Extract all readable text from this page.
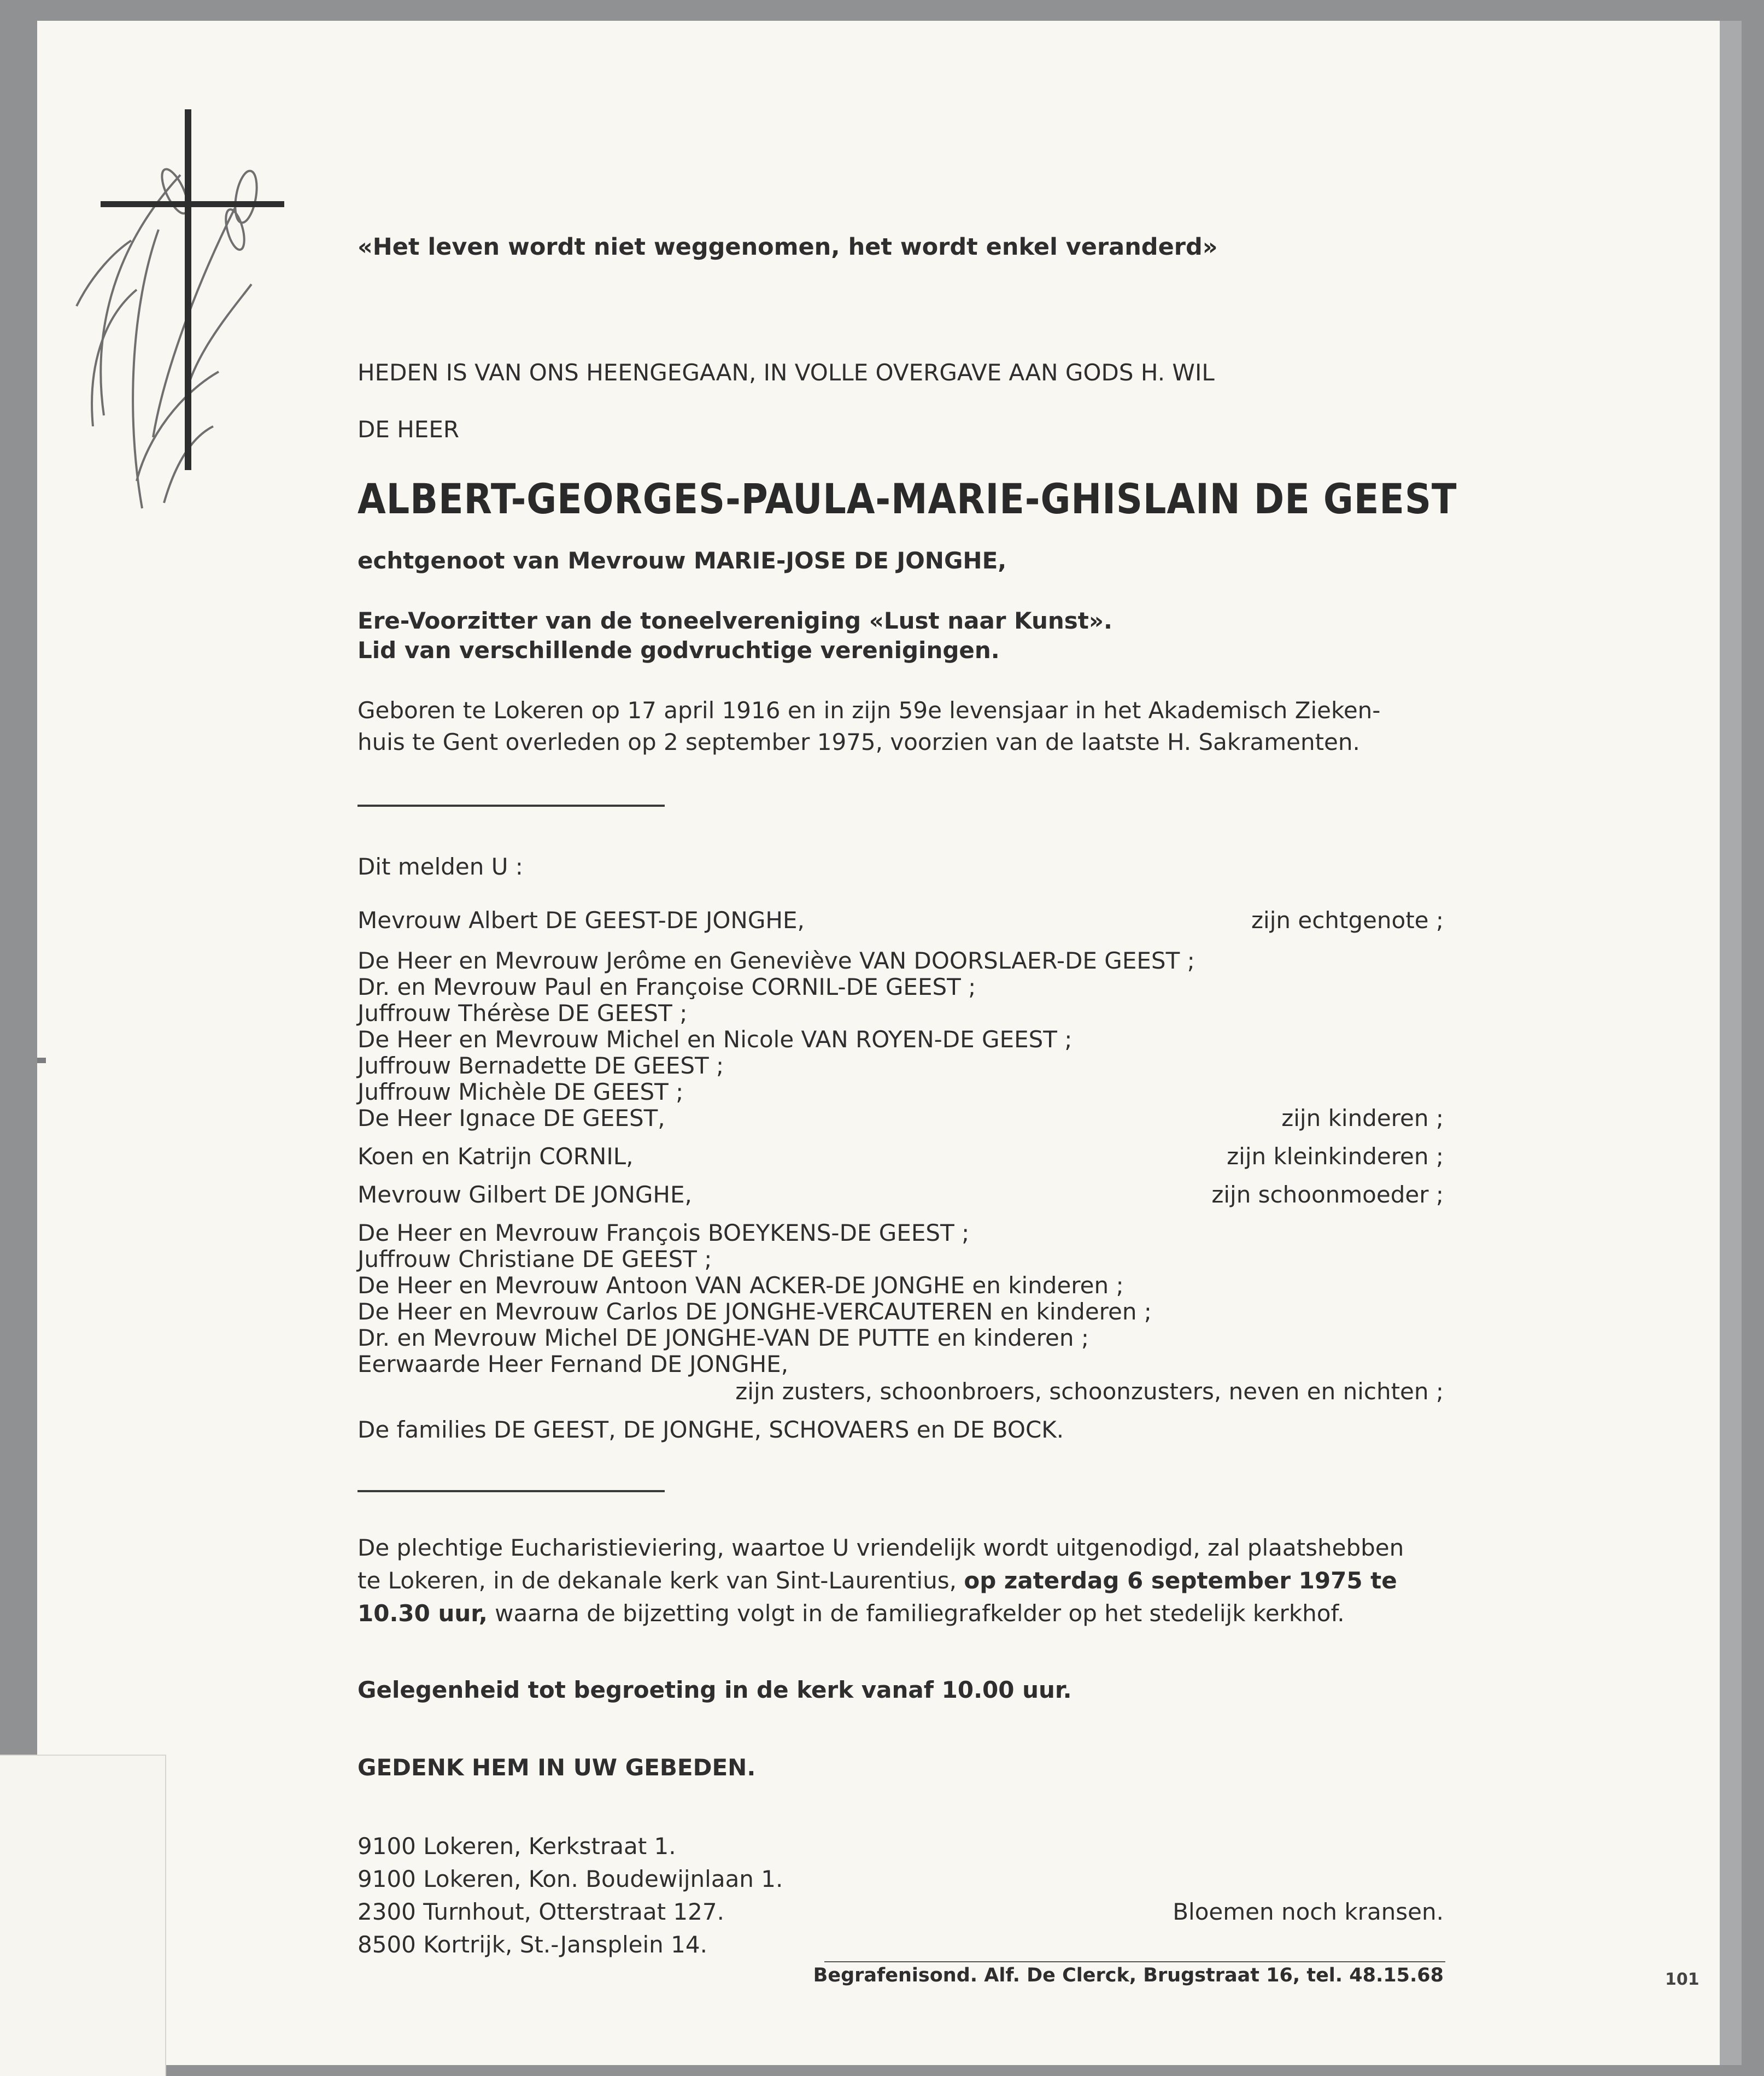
«Het leven wordt niet weggenomen, het wordt enkel veranderd»
HEDEN IS VAN ONS HEENGEGAAN, IN VOLLE OVERGAVE AAN GODS H. WIL
DE HEER
ALBERT-GEORGES-PAULA-MARIE-GHISLAIN DE GEEST
echtgenoot van Mevrouw MARIE-JOSE DE JONGHE,
Ere-Voorzitter van de toneelvereniging «Lust naar Kunst».
Lid van verschillende godvruchtige verenigingen.
Geboren te Lokeren op 17 april 1916 en in zijn 59e levensjaar in het Akademisch Zieken-
huis te Gent overleden op 2 september 1975, voorzien van de laatste H. Sakramenten.
Dit melden U :
Mevrouw Albert DE GEEST-DE JONGHE,	zijn echtgenote ;
De Heer en Mevrouw Jerôme en Geneviève VAN DOORSLAER-DE GEEST ;
Dr. en Mevrouw Paul en Françoise CORNIL-DE GEEST ;
Juffrouw Thérèse DE GEEST ;
De Heer en Mevrouw Michel en Nicole VAN ROYEN-DE GEEST ;
Juffrouw Bernadette DE GEEST ;
Juffrouw Michèle DE GEEST ;
De Heer Ignace DE GEEST,	zijn kinderen ;
Koen en Katrijn CORNIL,	zijn kleinkinderen ;
Mevrouw Gilbert DE JONGHE,	zijn schoonmoeder ;
De Heer en Mevrouw François BOEYKENS-DE GEEST ;
Juffrouw Christiane DE GEEST ;
De Heer en Mevrouw Antoon VAN ACKER-DE JONGHE en kinderen ;
De Heer en Mevrouw Carlos DE JONGHE-VERCAUTEREN en kinderen ;
Dr. en Mevrouw Michel DE JONGHE-VAN DE PUTTE en kinderen ;
Eerwaarde Heer Fernand DE JONGHE,
zijn zusters, schoonbroers, schoonzusters, neven en nichten ;
De families DE GEEST, DE JONGHE, SCHOVAERS en DE BOCK.
De plechtige Eucharistieviering, waartoe U vriendelijk wordt uitgenodigd, zal plaatshebben
te Lokeren, in de dekanale kerk van Sint-Laurentius, op zaterdag 6 september 1975 te
10.30 uur, waarna de bijzetting volgt in de familiegrafkelder op het stedelijk kerkhof.
Gelegenheid tot begroeting in de kerk vanaf 10.00 uur.
GEDENK HEM IN UW GEBEDEN.
9100 Lokeren, Kerkstraat 1.
9100 Lokeren, Kon. Boudewijnlaan 1.
2300 Turnhout, Otterstraat 127.
8500 Kortrijk, St.-Jansplein 14.
Bloemen noch kransen.
Begrafenisond. Alf. De Clerck, Brugstraat 16, tel. 48.15.68	101
